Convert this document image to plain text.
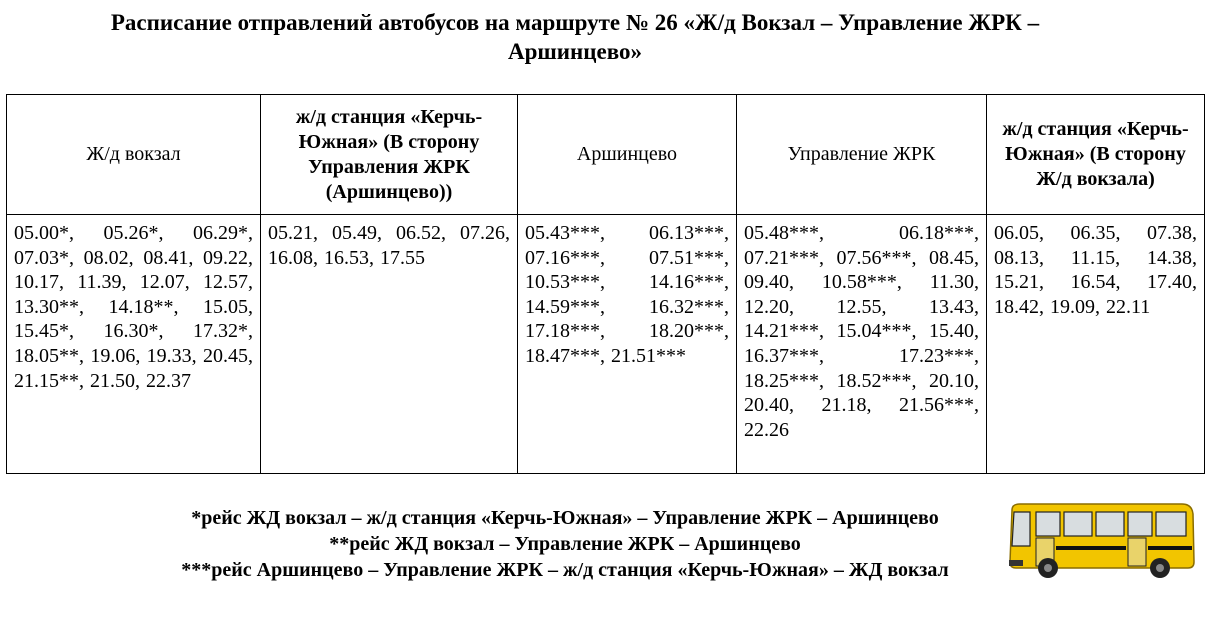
Расписание отправлений автобусов на маршруте № 26 «Ж/д Вокзал – Управление ЖРК –
Аршинцево»
Ж/д вокзал	ж/д станция «Керчь-Южная» (В сторону Управления ЖРК (Аршинцево))	Аршинцево	Управление ЖРК	ж/д станция «Керчь-Южная» (В сторону Ж/д вокзала)
05.00*, 05.26*, 06.29*, 07.03*, 08.02, 08.41, 09.22, 10.17, 11.39, 12.07, 12.57, 13.30**, 14.18**, 15.05, 15.45*, 16.30*, 17.32*, 18.05**, 19.06, 19.33, 20.45, 21.15**, 21.50, 22.37	05.21, 05.49, 06.52, 07.26, 16.08, 16.53, 17.55	05.43***, 06.13***, 07.16***, 07.51***, 10.53***, 14.16***, 14.59***, 16.32***, 17.18***, 18.20***, 18.47***, 21.51***	05.48***, 06.18***, 07.21***, 07.56***, 08.45, 09.40, 10.58***, 11.30, 12.20, 12.55, 13.43, 14.21***, 15.04***, 15.40, 16.37***, 17.23***, 18.25***, 18.52***, 20.10, 20.40, 21.18, 21.56***, 22.26	06.05, 06.35, 07.38, 08.13, 11.15, 14.38, 15.21, 16.54, 17.40, 18.42, 19.09, 22.11
*рейс ЖД вокзал – ж/д станция «Керчь-Южная» – Управление ЖРК – Аршинцево
**рейс ЖД вокзал – Управление ЖРК – Аршинцево
***рейс Аршинцево – Управление ЖРК – ж/д станция «Керчь-Южная» – ЖД вокзал
